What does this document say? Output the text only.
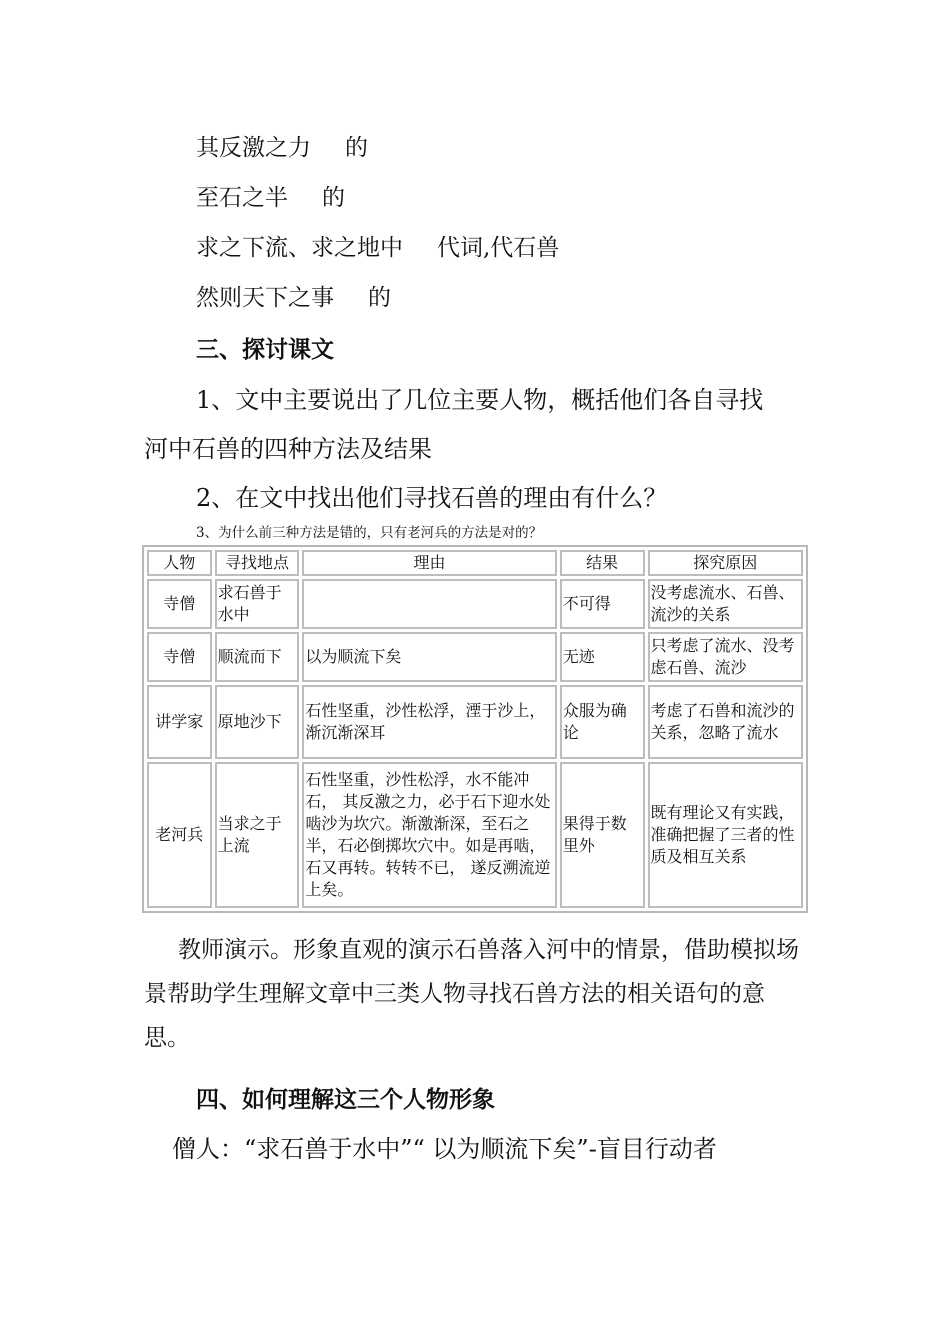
其反激之力 的
至石之半 的
求之下流、求之地中 代词,代石兽
然则天下之事 的
三、探讨课文
1、文中主要说出了几位主要人物，概括他们各自寻找
河中石兽的四种方法及结果
2、在文中找出他们寻找石兽的理由有什么？
3、为什么前三种方法是错的，只有老河兵的方法是对的？
人物	寻找地点	理由	结果	探究原因
寺僧	求石兽于水中		不可得	没考虑流水、石兽、流沙的关系
寺僧	顺流而下	以为顺流下矣	无迹	只考虑了流水、没考虑石兽、流沙
讲学家	原地沙下	石性坚重，沙性松浮，湮于沙上，渐沉渐深耳	众服为确论	考虑了石兽和流沙的关系，忽略了流水
老河兵	当求之于上流	石性坚重，沙性松浮，水不能冲石， 其反激之力，必于石下迎水处啮沙为坎穴。渐激渐深，至石之半，石必倒掷坎穴中。如是再啮，石又再转。转转不已， 遂反溯流逆上矣。	果得于数里外	既有理论又有实践，准确把握了三者的性质及相互关系
教师演示。形象直观的演示石兽落入河中的情景，借助模拟场景帮助学生理解文章中三类人物寻找石兽方法的相关语句的意思。
四、如何理解这三个人物形象
僧人：“求石兽于水中”“ 以为顺流下矣”-盲目行动者
